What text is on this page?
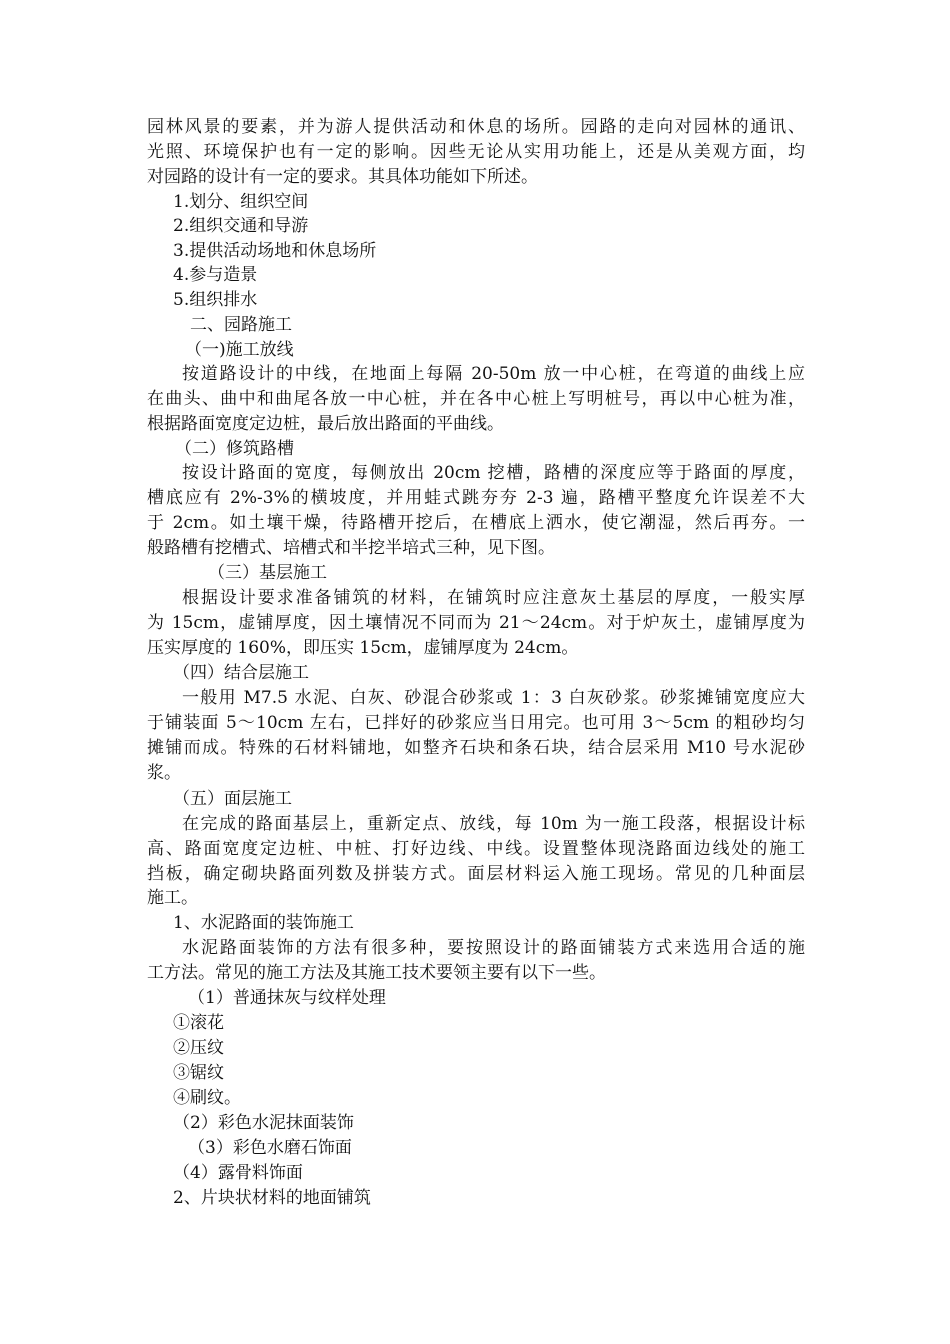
园林风景的要素，并为游人提供活动和休息的场所。园路的走向对园林的通讯、
光照、环境保护也有一定的影响。因些无论从实用功能上，还是从美观方面，均
对园路的设计有一定的要求。其具体功能如下所述。
1.划分、组织空间
2.组织交通和导游
3.提供活动场地和休息场所
4.参与造景
5.组织排水
二、园路施工
（一)施工放线
按道路设计的中线，在地面上每隔 20-50m 放一中心桩，在弯道的曲线上应
在曲头、曲中和曲尾各放一中心桩，并在各中心桩上写明桩号，再以中心桩为准，
根据路面宽度定边桩，最后放出路面的平曲线。
（二）修筑路槽
按设计路面的宽度，每侧放出 20cm 挖槽，路槽的深度应等于路面的厚度，
槽底应有 2%-3%的横坡度，并用蛙式跳夯夯 2-3 遍，路槽平整度允许误差不大
于 2cm。如土壤干燥，待路槽开挖后，在槽底上洒水，使它潮湿，然后再夯。一
般路槽有挖槽式、培槽式和半挖半培式三种，见下图。
（三）基层施工
根据设计要求准备铺筑的材料，在铺筑时应注意灰土基层的厚度，一般实厚
为 15cm，虚铺厚度，因土壤情况不同而为 21～24cm。对于炉灰土，虚铺厚度为
压实厚度的 160%，即压实 15cm，虚铺厚度为 24cm。
（四）结合层施工
一般用 M7.5 水泥、白灰、砂混合砂浆或 1：3 白灰砂浆。砂浆摊铺宽度应大
于铺装面 5～10cm 左右，已拌好的砂浆应当日用完。也可用 3～5cm 的粗砂均匀
摊铺而成。特殊的石材料铺地，如整齐石块和条石块，结合层采用 M10 号水泥砂
浆。
（五）面层施工
在完成的路面基层上，重新定点、放线，每 10m 为一施工段落，根据设计标
高、路面宽度定边桩、中桩、打好边线、中线。设置整体现浇路面边线处的施工
挡板，确定砌块路面列数及拼装方式。面层材料运入施工现场。常见的几种面层
施工。
1、水泥路面的装饰施工
水泥路面装饰的方法有很多种，要按照设计的路面铺装方式来选用合适的施
工方法。常见的施工方法及其施工技术要领主要有以下一些。
（1）普通抹灰与纹样处理
①滚花
②压纹
③锯纹
④刷纹。
（2）彩色水泥抹面装饰
（3）彩色水磨石饰面
（4）露骨料饰面
2、片块状材料的地面铺筑
